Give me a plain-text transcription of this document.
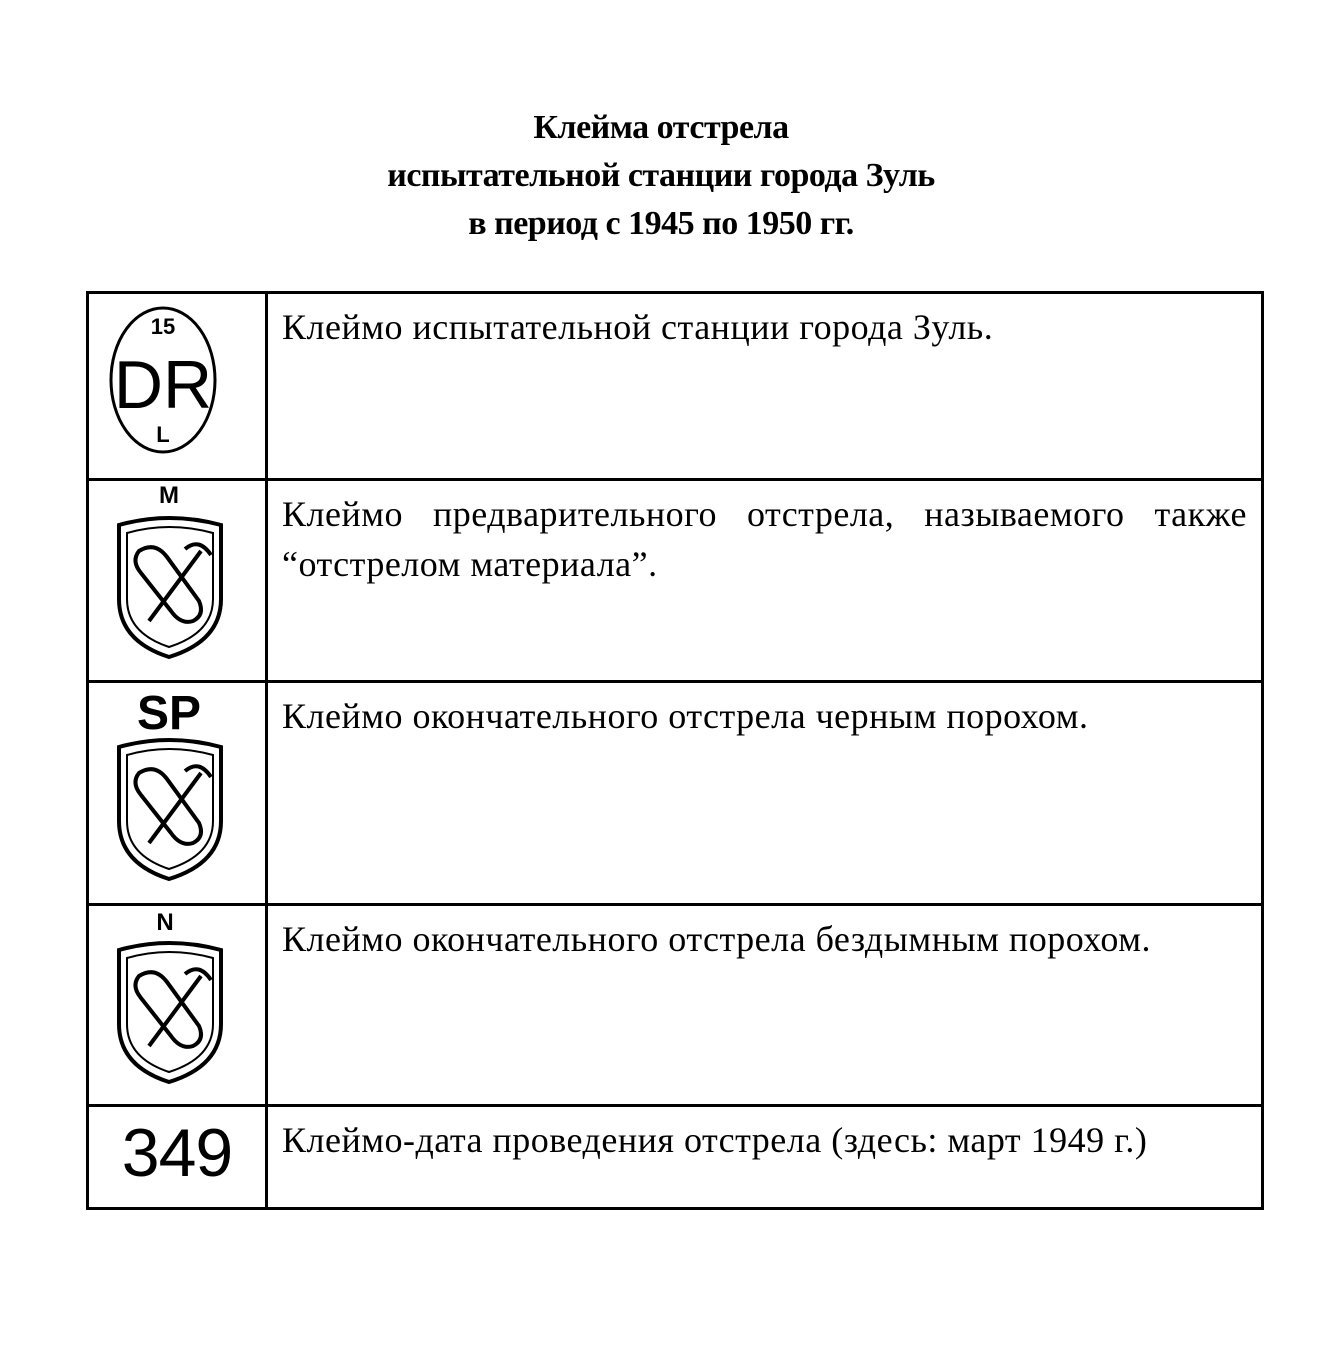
Клейма отстрела
испытательной станции города Зуль
в период с 1945 по 1950 гг.
15
DR
L	Клеймо испытательной станции города Зуль.

M	Клеймо предварительного отстрела, называемого также “отстрелом материала”.

SP	Клеймо окончательного отстрела черным порохом.

N	Клеймо окончательного отстрела бездымным порохом.
349	Клеймо-дата проведения отстрела (здесь: март 1949 г.)
